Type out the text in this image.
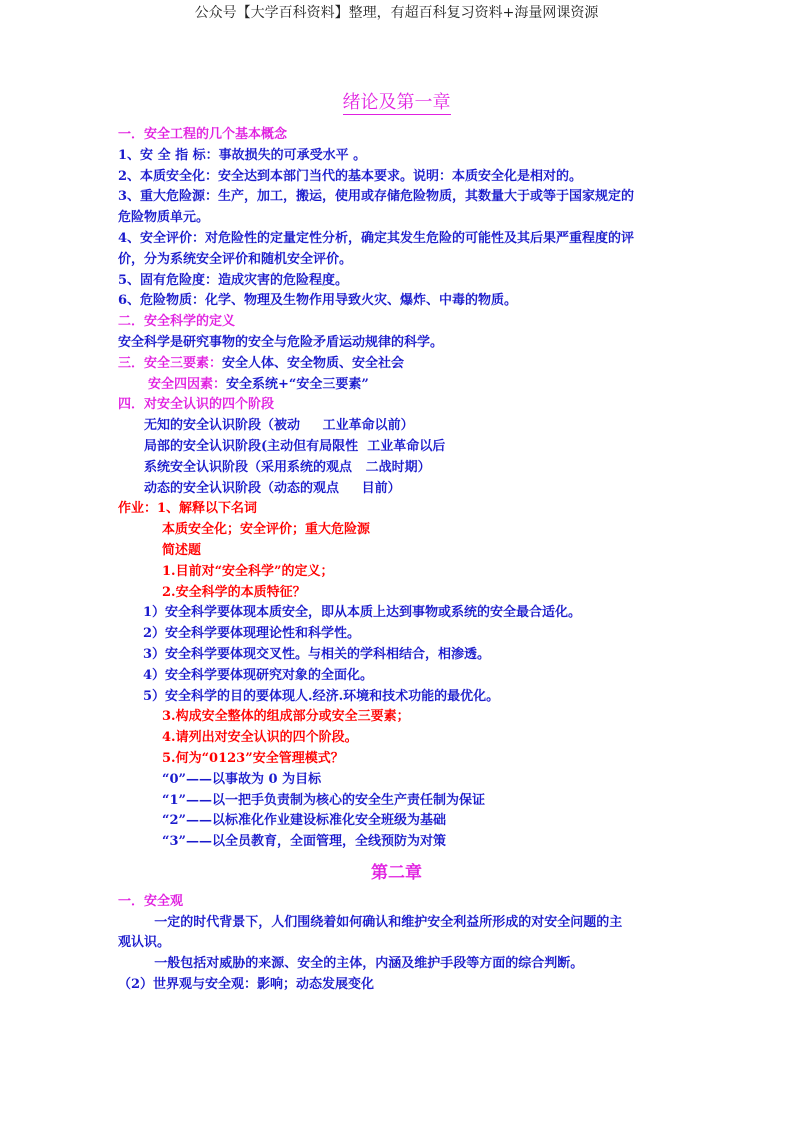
公众号【大学百科资料】整理，有超百科复习资料+海量网课资源
绪论及第一章
一．安全工程的几个基本概念
1、安 全 指 标：事故损失的可承受水平 。
2、本质安全化：安全达到本部门当代的基本要求。说明：本质安全化是相对的。
3、重大危险源：生产，加工，搬运，使用或存储危险物质，其数量大于或等于国家规定的
危险物质单元。
4、安全评价：对危险性的定量定性分析，确定其发生危险的可能性及其后果严重程度的评
价，分为系统安全评价和随机安全评价。
5、固有危险度：造成灾害的危险程度。
6、危险物质：化学、物理及生物作用导致火灾、爆炸、中毒的物质。
二．安全科学的定义
安全科学是研究事物的安全与危险矛盾运动规律的科学。
三．安全三要素：安全人体、安全物质、安全社会
安全四因素：安全系统+“安全三要素”
四．对安全认识的四个阶段
无知的安全认识阶段（被动     工业革命以前）
局部的安全认识阶段(主动但有局限性  工业革命以后
系统安全认识阶段（采用系统的观点   二战时期）
动态的安全认识阶段（动态的观点     目前）
作业：1、解释以下名词
本质安全化；安全评价；重大危险源
简述题
1.目前对“安全科学”的定义；
2.安全科学的本质特征？
1）安全科学要体现本质安全，即从本质上达到事物或系统的安全最合适化。
2）安全科学要体现理论性和科学性。
3）安全科学要体现交叉性。与相关的学科相结合，相渗透。
4）安全科学要体现研究对象的全面化。
5）安全科学的目的要体现人.经济.环境和技术功能的最优化。
3.构成安全整体的组成部分或安全三要素；
4.请列出对安全认识的四个阶段。
5.何为“0123”安全管理模式？
“0”——以事故为 0 为目标
“1”——以一把手负责制为核心的安全生产责任制为保证
“2”——以标准化作业建设标准化安全班级为基础
“3”——以全员教育，全面管理，全线预防为对策
第二章
一．安全观
一定的时代背景下，人们围绕着如何确认和维护安全利益所形成的对安全问题的主
观认识。
一般包括对威胁的来源、安全的主体，内涵及维护手段等方面的综合判断。
（2）世界观与安全观：影响；动态发展变化
